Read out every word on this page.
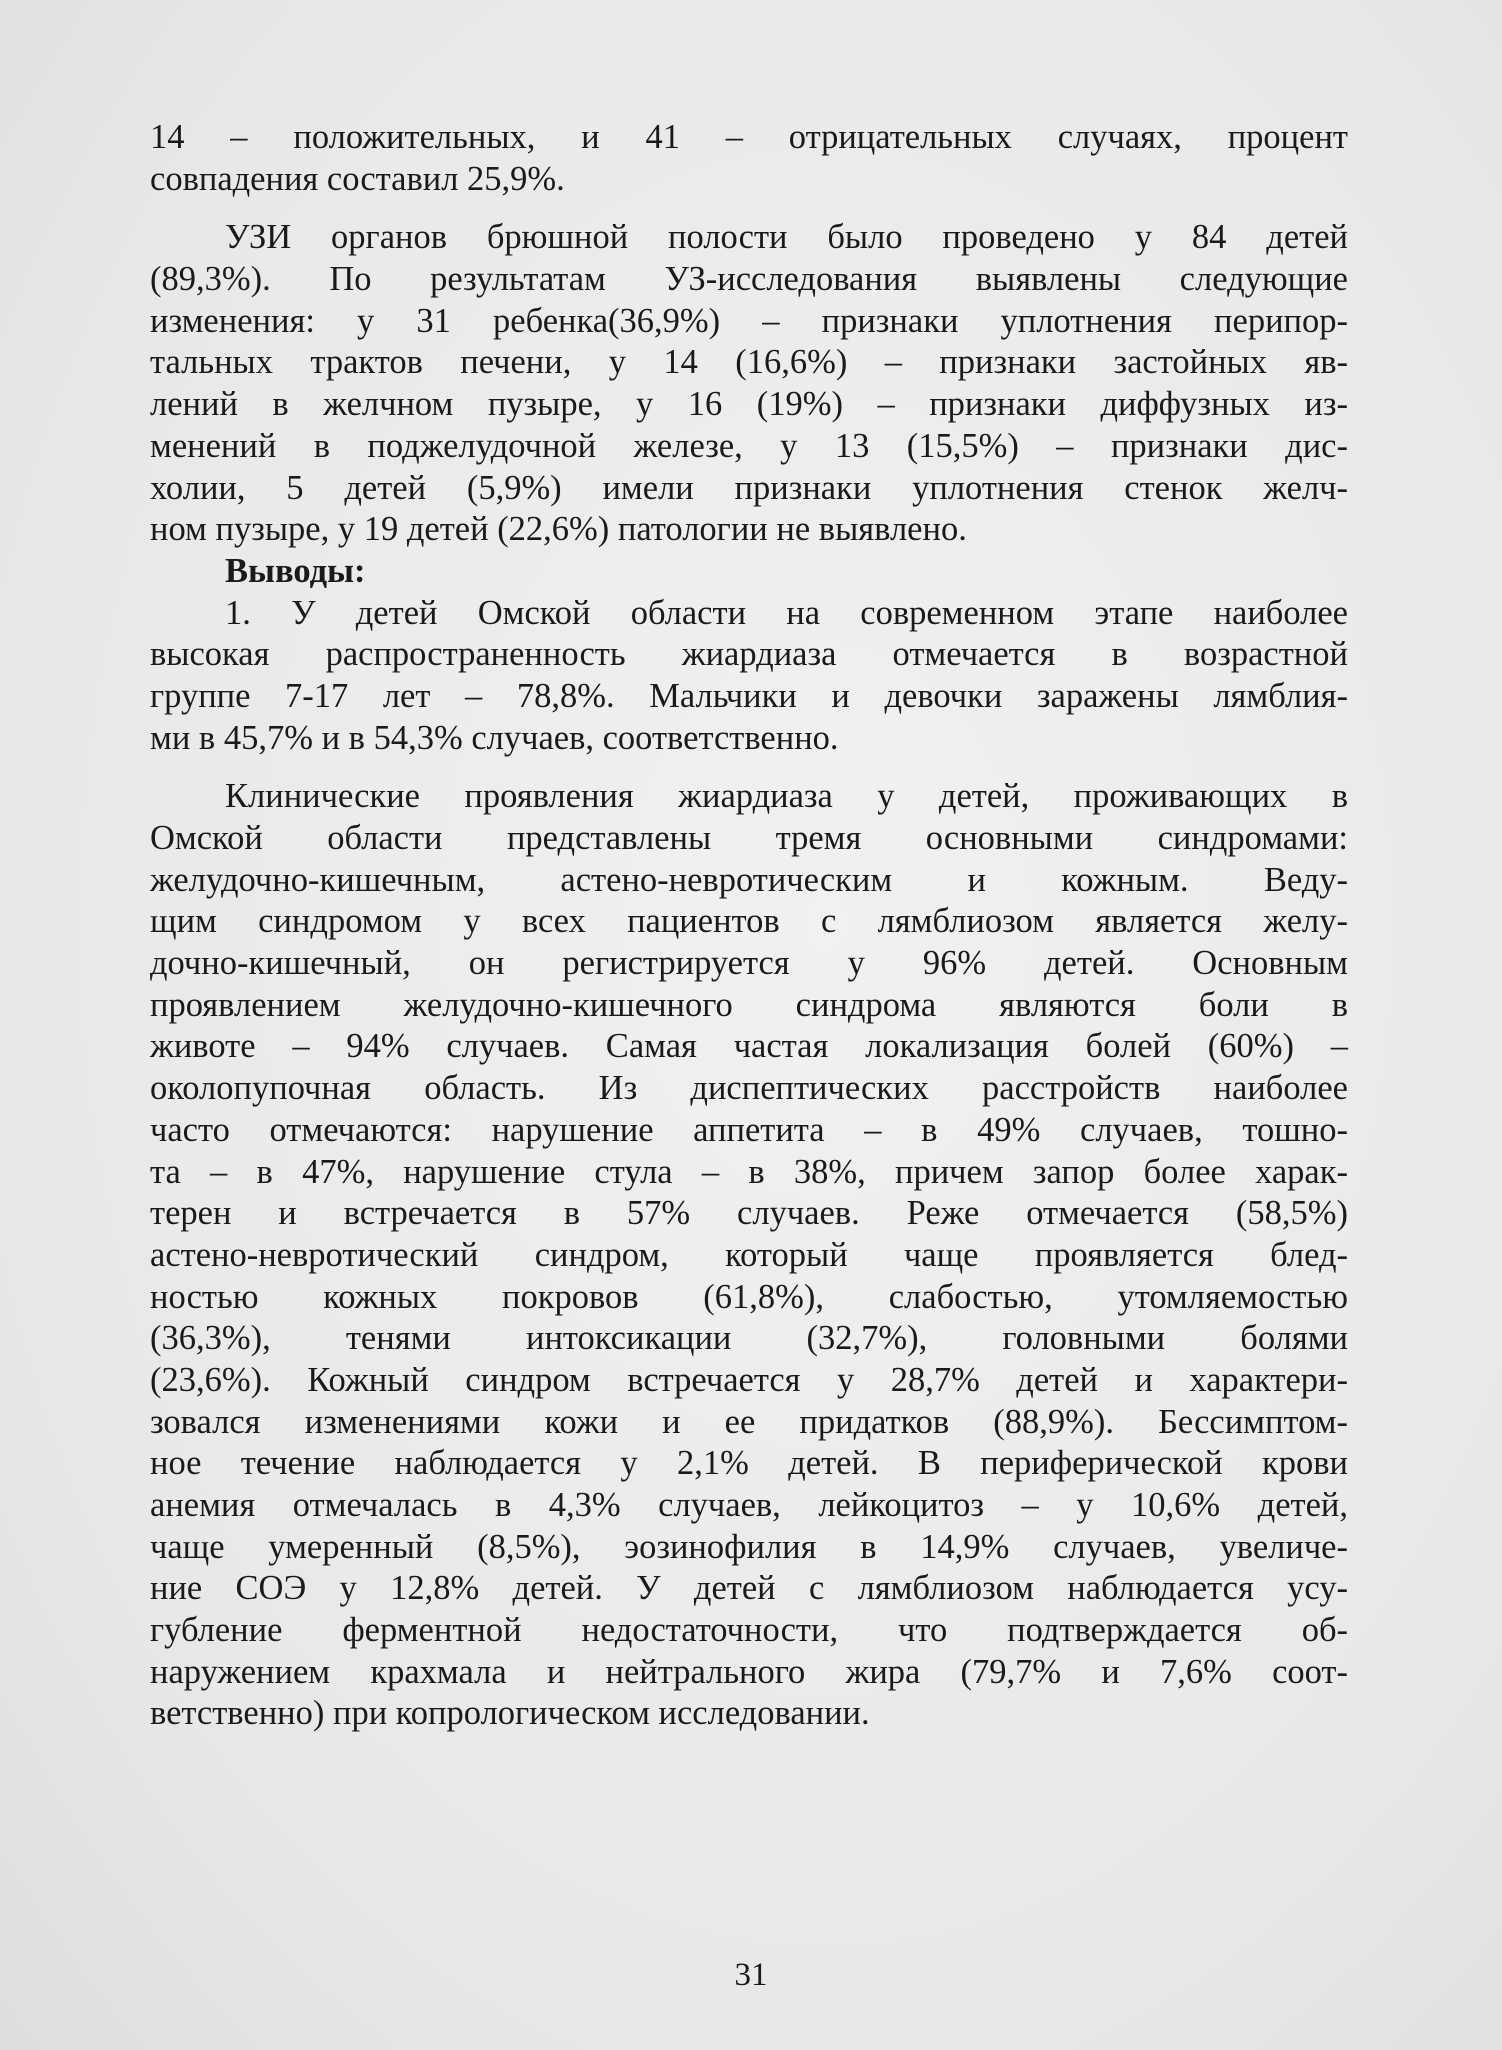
14 – положительных, и 41 – отрицательных случаях, процент
совпадения составил 25,9%.
УЗИ органов брюшной полости было проведено у 84 детей
(89,3%). По результатам УЗ-исследования выявлены следующие
изменения: у 31 ребенка(36,9%) – признаки уплотнения перипор-
тальных трактов печени, у 14 (16,6%) – признаки застойных яв-
лений в желчном пузыре, у 16 (19%) – признаки диффузных из-
менений в поджелудочной железе, у 13 (15,5%) – признаки дис-
холии, 5 детей (5,9%) имели признаки уплотнения стенок желч-
ном пузыре, у 19 детей (22,6%) патологии не выявлено.
Выводы:
1. У детей Омской области на современном этапе наиболее
высокая распространенность жиардиаза отмечается в возрастной
группе 7-17 лет – 78,8%. Мальчики и девочки заражены лямблия-
ми в 45,7% и в 54,3% случаев, соответственно.
Клинические проявления жиардиаза у детей, проживающих в
Омской области представлены тремя основными синдромами:
желудочно-кишечным, астено-невротическим и кожным. Веду-
щим синдромом у всех пациентов с лямблиозом является желу-
дочно-кишечный, он регистрируется у 96% детей. Основным
проявлением желудочно-кишечного синдрома являются боли в
животе – 94% случаев. Самая частая локализация болей (60%) –
околопупочная область. Из диспептических расстройств наиболее
часто отмечаются: нарушение аппетита – в 49% случаев, тошно-
та – в 47%, нарушение стула – в 38%, причем запор более харак-
терен и встречается в 57% случаев. Реже отмечается (58,5%)
астено-невротический синдром, который чаще проявляется блед-
ностью кожных покровов (61,8%), слабостью, утомляемостью
(36,3%), тенями интоксикации (32,7%), головными болями
(23,6%). Кожный синдром встречается у 28,7% детей и характери-
зовался изменениями кожи и ее придатков (88,9%). Бессимптом-
ное течение наблюдается у 2,1% детей. В периферической крови
анемия отмечалась в 4,3% случаев, лейкоцитоз – у 10,6% детей,
чаще умеренный (8,5%), эозинофилия в 14,9% случаев, увеличе-
ние СОЭ у 12,8% детей. У детей с лямблиозом наблюдается усу-
губление ферментной недостаточности, что подтверждается об-
наружением крахмала и нейтрального жира (79,7% и 7,6% соот-
ветственно) при копрологическом исследовании.
31
